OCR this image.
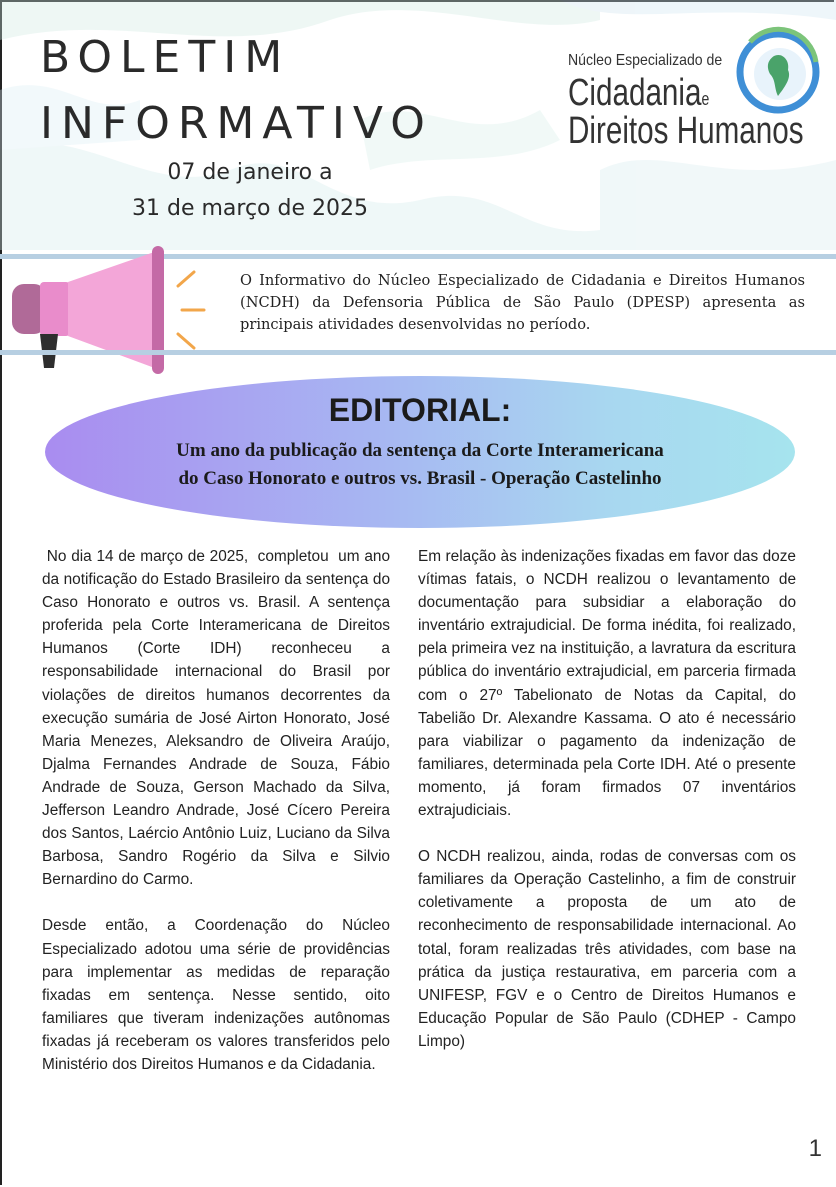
BOLETIM
INFORMATIVO
07 de janeiro a
31 de março de 2025
Núcleo Especializado de
Cidadaniae
Direitos Humanos
O Informativo do Núcleo Especializado de Cidadania e Direitos Humanos (NCDH) da Defensoria Pública de São Paulo (DPESP) apresenta as principais atividades desenvolvidas no período.
EDITORIAL:
Um ano da publicação da sentença da Corte Interamericana
do Caso Honorato e outros vs. Brasil - Operação Castelinho

No dia 14 de março de 2025,  completou  um ano da notificação do Estado Brasileiro da sentença do Caso Honorato e outros vs. Brasil. A sentença proferida pela Corte Interamericana de Direitos Humanos (Corte IDH) reconheceu a responsabilidade internacional do Brasil por violações de direitos humanos decorrentes da execução sumária de José Airton Honorato, José Maria Menezes, Aleksandro de Oliveira Araújo, Djalma Fernandes Andrade de Souza, Fábio Andrade de Souza, Gerson Machado da Silva, Jefferson Leandro Andrade, José Cícero Pereira dos Santos, Laércio Antônio Luiz, Luciano da Silva Barbosa, Sandro Rogério da Silva e Silvio Bernardino do Carmo.

Desde então, a Coordenação do Núcleo Especializado adotou uma série de providências para implementar as medidas de reparação fixadas em sentença. Nesse sentido, oito familiares que tiveram indenizações autônomas fixadas já receberam os valores transferidos pelo Ministério dos Direitos Humanos e da Cidadania.

Em relação às indenizações fixadas em favor das doze vítimas fatais, o NCDH realizou o levantamento de documentação para subsidiar a elaboração do inventário extrajudicial. De forma inédita, foi realizado, pela primeira vez na instituição, a lavratura da escritura pública do inventário extrajudicial, em parceria firmada com o 27º Tabelionato de Notas da Capital, do Tabelião Dr. Alexandre Kassama. O ato é necessário para viabilizar o pagamento da indenização de familiares, determinada pela Corte IDH. Até o presente momento, já foram firmados 07 inventários extrajudiciais.

O NCDH realizou, ainda, rodas de conversas com os familiares da Operação Castelinho, a fim de construir coletivamente a proposta de um ato de reconhecimento de responsabilidade internacional. Ao total, foram realizadas três atividades, com base na prática da justiça restaurativa, em parceria com a UNIFESP, FGV e o Centro de Direitos Humanos e Educação Popular de São Paulo (CDHEP - Campo Limpo)

1
